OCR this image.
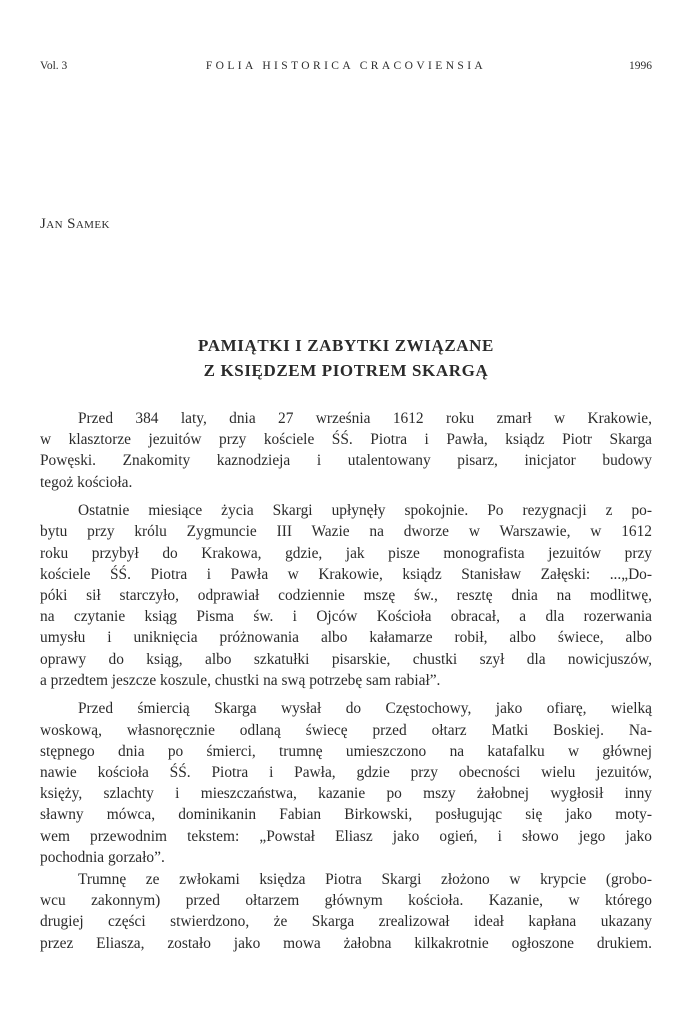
Vol. 3	FOLIA HISTORICA CRACOVIENSIA	1996
Jan Samek
PAMIĄTKI I ZABYTKI ZWIĄZANE
Z KSIĘDZEM PIOTREM SKARGĄ
Przed 384 laty, dnia 27 września 1612 roku zmarł w Krakowie,
w klasztorze jezuitów przy kościele ŚŚ. Piotra i Pawła, ksiądz Piotr Skarga
Powęski. Znakomity kaznodzieja i utalentowany pisarz, inicjator budowy
tegoż kościoła.
Ostatnie miesiące życia Skargi upłynęły spokojnie. Po rezygnacji z po-
bytu przy królu Zygmuncie III Wazie na dworze w Warszawie, w 1612
roku przybył do Krakowa, gdzie, jak pisze monografista jezuitów przy
kościele ŚŚ. Piotra i Pawła w Krakowie, ksiądz Stanisław Załęski: ...„Do-
póki sił starczyło, odprawiał codziennie mszę św., resztę dnia na modlitwę,
na czytanie ksiąg Pisma św. i Ojców Kościoła obracał, a dla rozerwania
umysłu i uniknięcia próżnowania albo kałamarze robił, albo świece, albo
oprawy do ksiąg, albo szkatułki pisarskie, chustki szył dla nowicjuszów,
a przedtem jeszcze koszule, chustki na swą potrzebę sam rabiał”.
Przed śmiercią Skarga wysłał do Częstochowy, jako ofiarę, wielką
woskową, własnoręcznie odlaną świecę przed ołtarz Matki Boskiej. Na-
stępnego dnia po śmierci, trumnę umieszczono na katafalku w głównej
nawie kościoła ŚŚ. Piotra i Pawła, gdzie przy obecności wielu jezuitów,
księży, szlachty i mieszczaństwa, kazanie po mszy żałobnej wygłosił inny
sławny mówca, dominikanin Fabian Birkowski, posługując się jako moty-
wem przewodnim tekstem: „Powstał Eliasz jako ogień, i słowo jego jako
pochodnia gorzało”.
Trumnę ze zwłokami księdza Piotra Skargi złożono w krypcie (grobo-
wcu zakonnym) przed ołtarzem głównym kościoła. Kazanie, w którego
drugiej części stwierdzono, że Skarga zrealizował ideał kapłana ukazany
przez Eliasza, zostało jako mowa żałobna kilkakrotnie ogłoszone drukiem.
